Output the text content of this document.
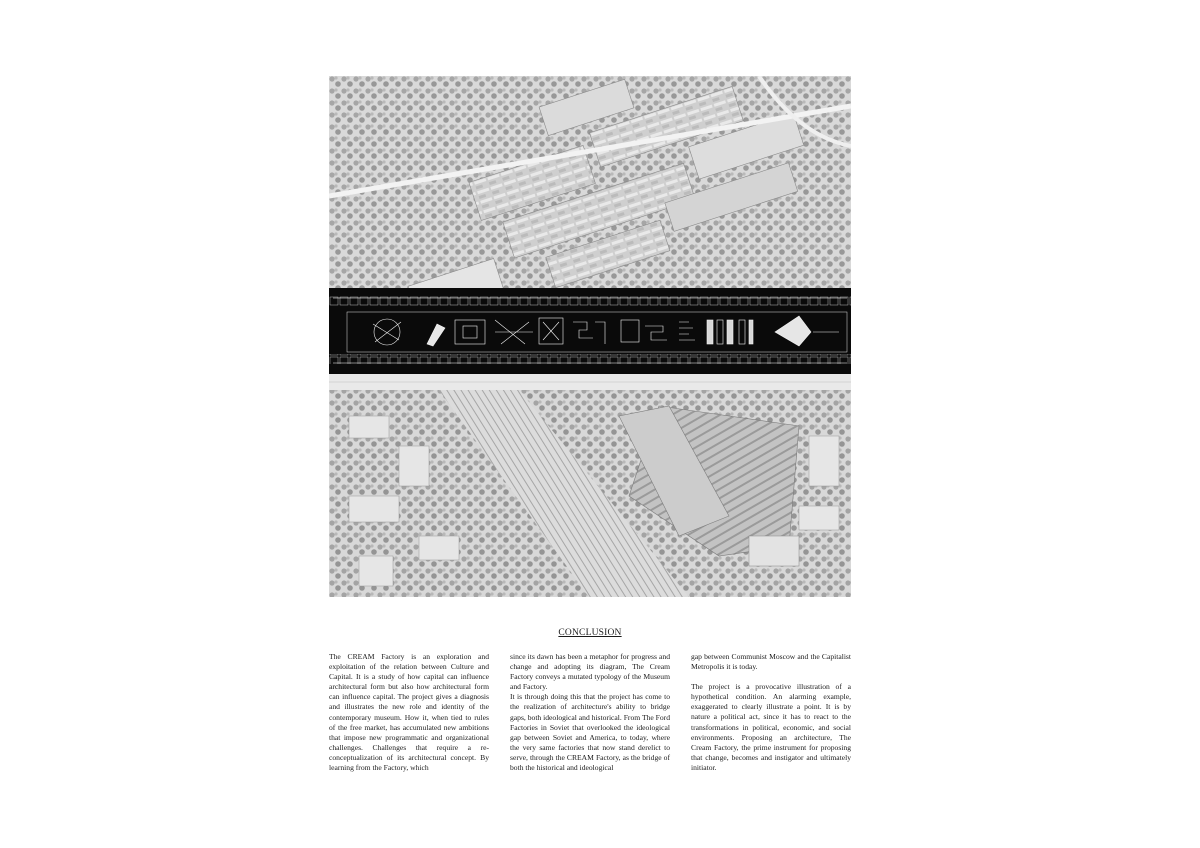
CONCLUSION

The CREAM Factory is an exploration and exploitation of the relation between Culture and Capital. It is a study of how capital can influence architectural form but also how architectural form can influence capital. The project gives a diagnosis and illustrates the new role and identity of the contemporary museum. How it, when tied to rules of the free market, has accumulated new ambitions that impose new programmatic and organizational challenges. Challenges that require a re-conceptualization of its architectural concept. By learning from the Factory, which

since its dawn has been a metaphor for progress and change and adopting its diagram, The Cream Factory conveys a mutated typology of the Museum and Factory.

It is through doing this that the project has come to the realization of architecture's ability to bridge gaps, both ideological and historical. From The Ford Factories in Soviet that overlooked the ideological gap between Soviet and America, to today, where the very same factories that now stand derelict to serve, through the CREAM Factory, as the bridge of both the historical and ideological

gap between Communist Moscow and the Capitalist Metropolis it is today.

The project is a provocative illustration of a hypothetical condition. An alarming example, exaggerated to clearly illustrate a point. It is by nature a political act, since it has to react to the transformations in political, economic, and social environments. Proposing an architecture, The Cream Factory, the prime instrument for proposing that change, becomes and instigator and ultimately initiator.
